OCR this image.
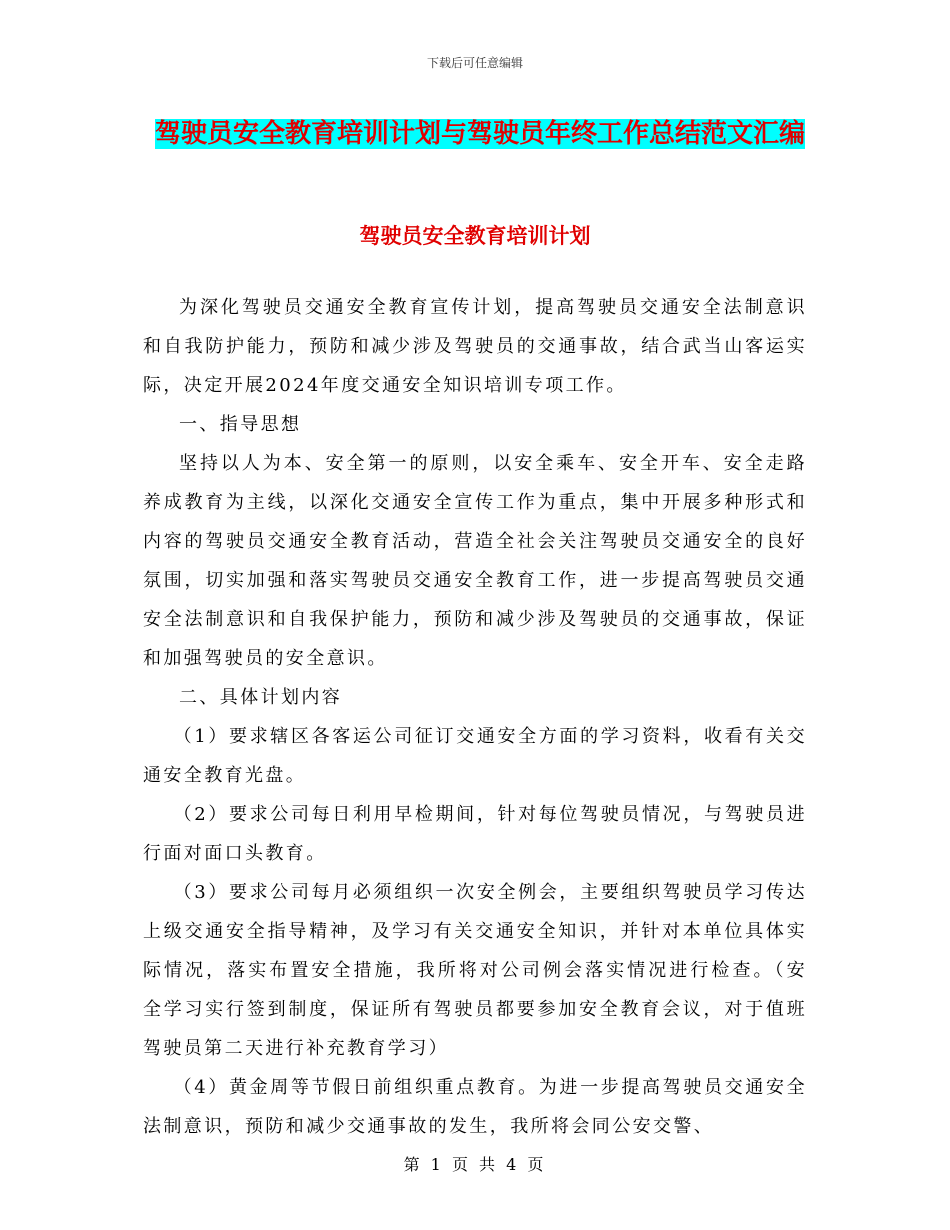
下载后可任意编辑
驾驶员安全教育培训计划与驾驶员年终工作总结范文汇编
驾驶员安全教育培训计划

为深化驾驶员交通安全教育宣传计划，提高驾驶员交通安全法制意识和自我防护能力，预防和减少涉及驾驶员的交通事故，结合武当山客运实际，决定开展2024年度交通安全知识培训专项工作。

一、指导思想

坚持以人为本、安全第一的原则，以安全乘车、安全开车、安全走路养成教育为主线，以深化交通安全宣传工作为重点，集中开展多种形式和内容的驾驶员交通安全教育活动，营造全社会关注驾驶员交通安全的良好氛围，切实加强和落实驾驶员交通安全教育工作，进一步提高驾驶员交通安全法制意识和自我保护能力，预防和减少涉及驾驶员的交通事故，保证和加强驾驶员的安全意识。

二、具体计划内容

（1）要求辖区各客运公司征订交通安全方面的学习资料，收看有关交通安全教育光盘。

（2）要求公司每日利用早检期间，针对每位驾驶员情况，与驾驶员进行面对面口头教育。

（3）要求公司每月必须组织一次安全例会，主要组织驾驶员学习传达上级交通安全指导精神，及学习有关交通安全知识，并针对本单位具体实际情况，落实布置安全措施，我所将对公司例会落实情况进行检查。（安全学习实行签到制度，保证所有驾驶员都要参加安全教育会议，对于值班驾驶员第二天进行补充教育学习）

（4）黄金周等节假日前组织重点教育。为进一步提高驾驶员交通安全法制意识，预防和减少交通事故的发生，我所将会同公安交警、

第 1 页 共 4 页
